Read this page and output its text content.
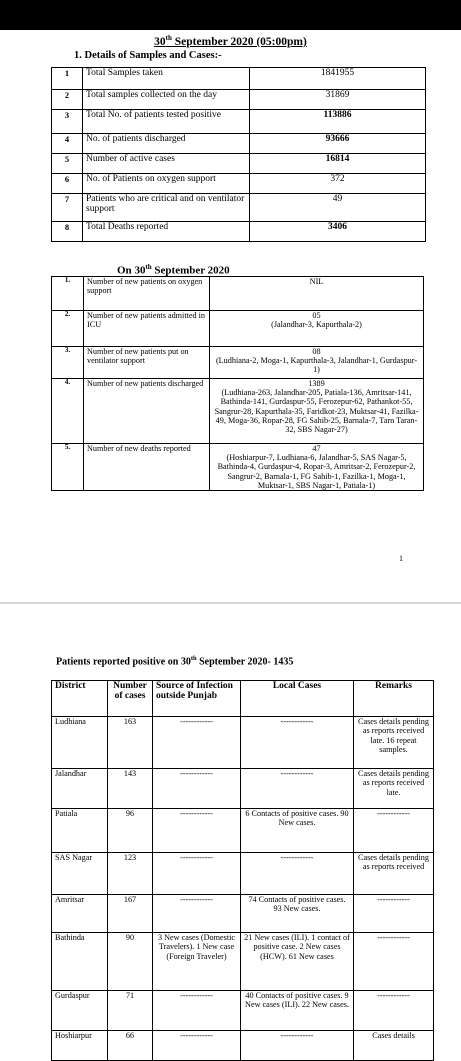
30th September 2020 (05:00pm)
1. Details of Samples and Cases:-
1	Total Samples taken	1841955
2	Total samples collected on the day	31869
3	Total No. of patients tested positive	113886
4	No. of patients discharged	93666
5	Number of active cases	16814
6	No. of Patients on oxygen support	372
7	Patients who are critical and on ventilator support	49
8	Total Deaths reported	3406
On 30th September 2020
1.	Number of new patients on oxygen support	NIL

2.	Number of new patients admitted in ICU	05
(Jalandhar-3, Kapurthala-2)

3.	Number of new patients put on ventilator support	08
(Ludhiana-2, Moga-1, Kapurthala-3, Jalandhar-1, Gurdaspur-1)

4.	Number of new patients discharged	1389
(Ludhiana-263, Jalandhar-205, Patiala-136, Amritsar-141, Bathinda-141, Gurdaspur-55, Ferozepur-62, Pathankot-55, Sangrur-28, Kapurthala-35, Faridkot-23, Muktsar-41, Fazilka-49, Moga-36, Ropar-28, FG Sahib-25, Barnala-7, Tarn Taran-32, SBS Nagar-27)

5.	Number of new deaths reported	47
(Hoshiarpur-7, Ludhiana-6, Jalandhar-5, SAS Nagar-5, Bathinda-4, Gurdaspur-4, Ropar-3, Amritsar-2, Ferozepur-2, Sangrur-2, Barnala-1, FG Sahib-1, Fazilka-1, Moga-1, Muktsar-1, SBS Nagar-1, Patiala-1)
1
Patients reported positive on 30th September 2020- 1435
District	Number of cases	Source of Infection outside Punjab	Local Cases	Remarks
Ludhiana	163	------------	------------	Cases details pending as reports received late. 16 repeat samples.
Jalandhar	143	------------	------------	Cases details pending as reports received late.
Patiala	96	------------	6 Contacts of positive cases. 90 New cases.	------------
SAS Nagar	123	------------	------------	Cases details pending as reports received
Amritsar	167	------------	74 Contacts of positive cases. 93 New cases.	------------
Bathinda	90	3 New cases (Domestic Travelers). 1 New case (Foreign Traveler)	21 New cases (ILI). 1 contact of positive case. 2 New cases (HCW). 61 New cases	------------
Gurdaspur	71	------------	40 Contacts of positive cases. 9 New cases (ILI). 22 New cases.	------------
Hoshiarpur	66	------------	------------	Cases details
